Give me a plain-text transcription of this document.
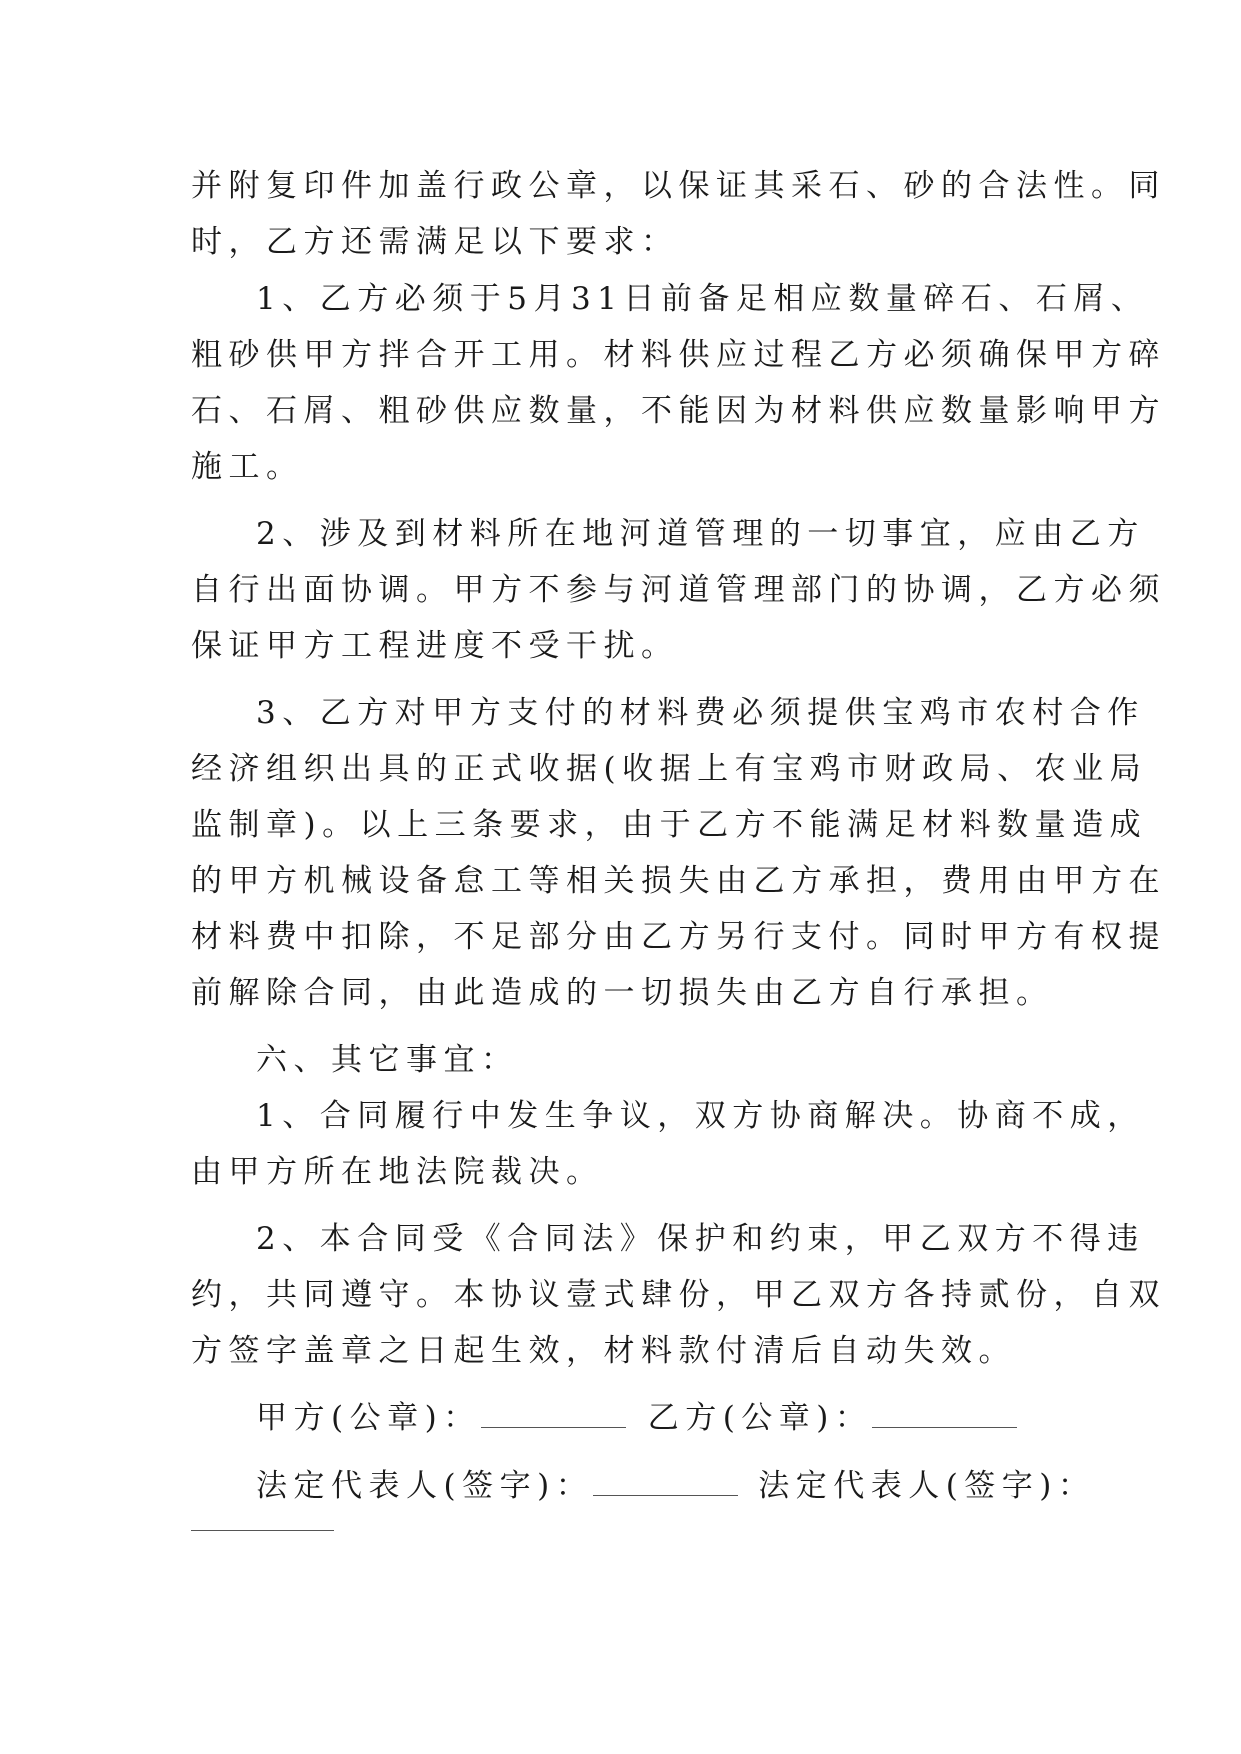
并附复印件加盖行政公章，以保证其采石、砂的合法性。同
时，乙方还需满足以下要求：
1、乙方必须于5月31日前备足相应数量碎石、石屑、
粗砂供甲方拌合开工用。材料供应过程乙方必须确保甲方碎
石、石屑、粗砂供应数量，不能因为材料供应数量影响甲方
施工。
2、涉及到材料所在地河道管理的一切事宜，应由乙方
自行出面协调。甲方不参与河道管理部门的协调，乙方必须
保证甲方工程进度不受干扰。
3、乙方对甲方支付的材料费必须提供宝鸡市农村合作
经济组织出具的正式收据(收据上有宝鸡市财政局、农业局
监制章)。以上三条要求，由于乙方不能满足材料数量造成
的甲方机械设备怠工等相关损失由乙方承担，费用由甲方在
材料费中扣除，不足部分由乙方另行支付。同时甲方有权提
前解除合同，由此造成的一切损失由乙方自行承担。
六、其它事宜：
1、合同履行中发生争议，双方协商解决。协商不成，
由甲方所在地法院裁决。
2、本合同受《合同法》保护和约束，甲乙双方不得违
约，共同遵守。本协议壹式肆份，甲乙双方各持贰份，自双
方签字盖章之日起生效，材料款付清后自动失效。
甲方(公章)：	乙方(公章)：
法定代表人(签字)：	法定代表人(签字)：
